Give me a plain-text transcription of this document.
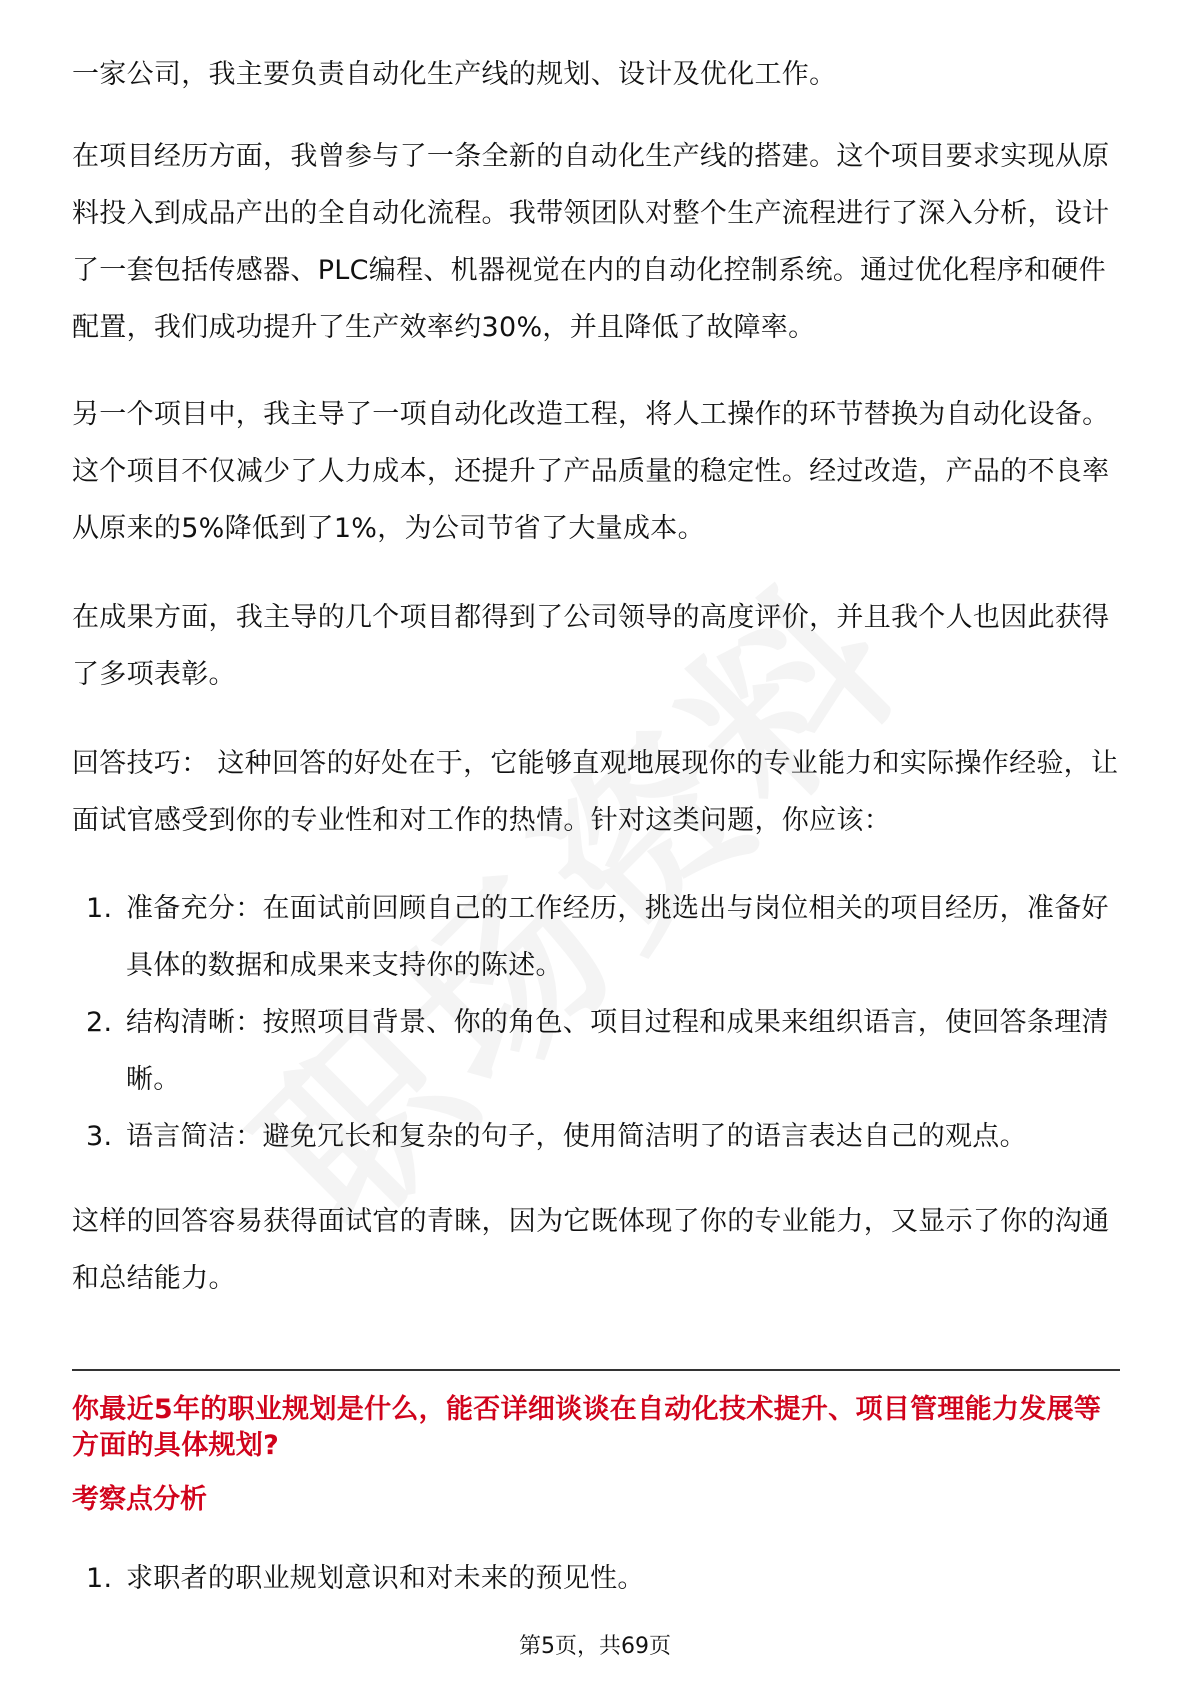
一家公司，我主要负责自动化生产线的规划、设计及优化工作。

在项目经历方面，我曾参与了一条全新的自动化生产线的搭建。这个项目要求实现从原料投入到成品产出的全自动化流程。我带领团队对整个生产流程进行了深入分析，设计了一套包括传感器、PLC编程、机器视觉在内的自动化控制系统。通过优化程序和硬件配置，我们成功提升了生产效率约30%，并且降低了故障率。

另一个项目中，我主导了一项自动化改造工程，将人工操作的环节替换为自动化设备。这个项目不仅减少了人力成本，还提升了产品质量的稳定性。经过改造，产品的不良率从原来的5%降低到了1%，为公司节省了大量成本。

在成果方面，我主导的几个项目都得到了公司领导的高度评价，并且我个人也因此获得了多项表彰。

回答技巧： 这种回答的好处在于，它能够直观地展现你的专业能力和实际操作经验，让面试官感受到你的专业性和对工作的热情。针对这类问题，你应该：

1. 准备充分：在面试前回顾自己的工作经历，挑选出与岗位相关的项目经历，准备好具体的数据和成果来支持你的陈述。
2. 结构清晰：按照项目背景、你的角色、项目过程和成果来组织语言，使回答条理清晰。
3. 语言简洁：避免冗长和复杂的句子，使用简洁明了的语言表达自己的观点。

这样的回答容易获得面试官的青睐，因为它既体现了你的专业能力，又显示了你的沟通和总结能力。

你最近5年的职业规划是什么，能否详细谈谈在自动化技术提升、项目管理能力发展等方面的具体规划?
考察点分析
1. 求职者的职业规划意识和对未来的预见性。
第5页，共69页
